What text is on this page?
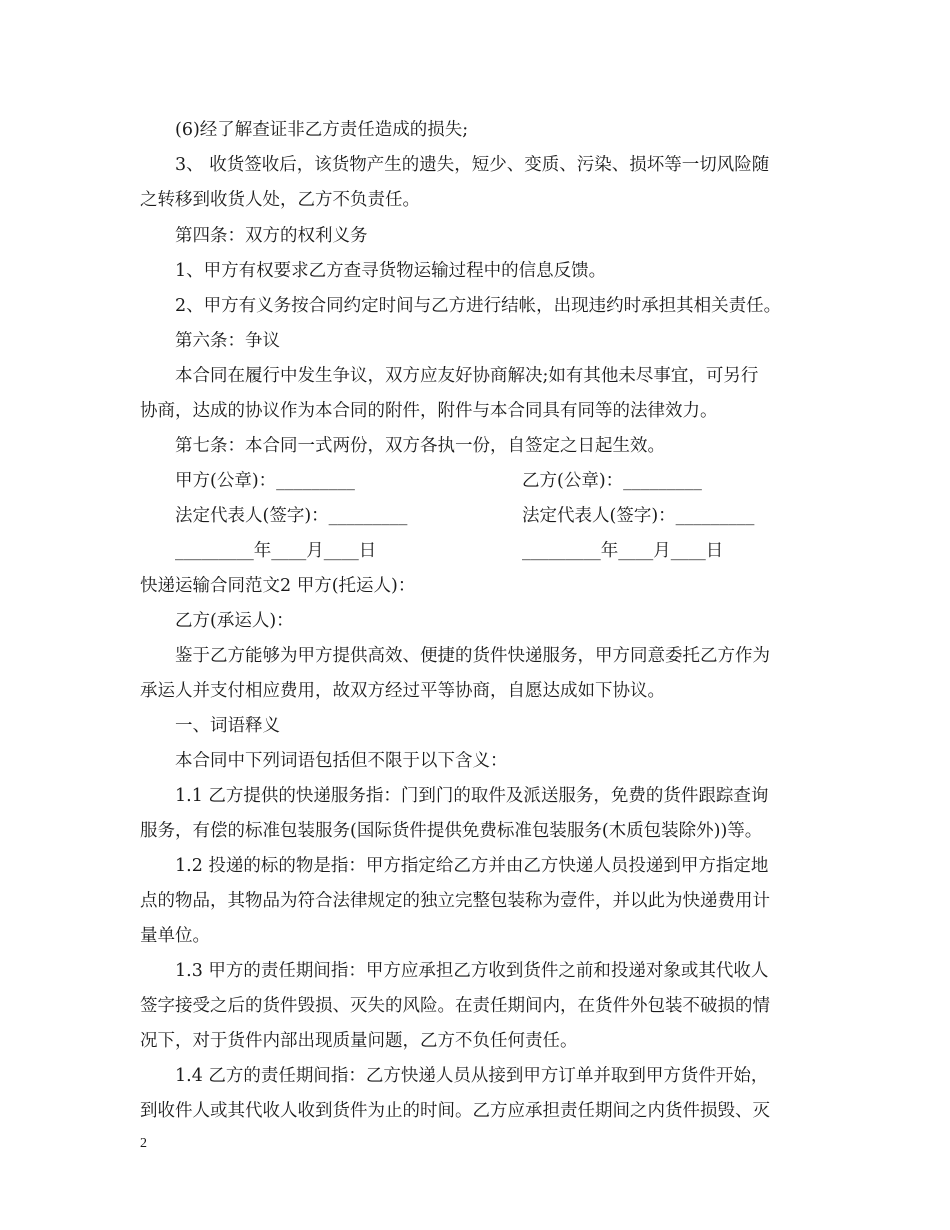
(6)经了解查证非乙方责任造成的损失;
3、 收货签收后，该货物产生的遗失，短少、变质、污染、损坏等一切风险随
之转移到收货人处，乙方不负责任。
第四条：双方的权利义务
1、甲方有权要求乙方查寻货物运输过程中的信息反馈。
2、甲方有义务按合同约定时间与乙方进行结帐，出现违约时承担其相关责任。
第六条：争议
本合同在履行中发生争议，双方应友好协商解决;如有其他未尽事宜，可另行
协商，达成的协议作为本合同的附件，附件与本合同具有同等的法律效力。
第七条：本合同一式两份，双方各执一份，自签定之日起生效。
甲方(公章)：_________	乙方(公章)：_________
法定代表人(签字)：_________	法定代表人(签字)：_________
_________年____月____日	_________年____月____日
快递运输合同范文2 甲方(托运人)：
乙方(承运人)：
鉴于乙方能够为甲方提供高效、便捷的货件快递服务，甲方同意委托乙方作为
承运人并支付相应费用，故双方经过平等协商，自愿达成如下协议。
一、词语释义
本合同中下列词语包括但不限于以下含义：
1.1 乙方提供的快递服务指：门到门的取件及派送服务，免费的货件跟踪查询
服务，有偿的标准包装服务(国际货件提供免费标准包装服务(木质包装除外))等。
1.2 投递的标的物是指：甲方指定给乙方并由乙方快递人员投递到甲方指定地
点的物品，其物品为符合法律规定的独立完整包装称为壹件，并以此为快递费用计
量单位。
1.3 甲方的责任期间指：甲方应承担乙方收到货件之前和投递对象或其代收人
签字接受之后的货件毁损、灭失的风险。在责任期间内，在货件外包装不破损的情
况下，对于货件内部出现质量问题，乙方不负任何责任。
1.4 乙方的责任期间指：乙方快递人员从接到甲方订单并取到甲方货件开始，
到收件人或其代收人收到货件为止的时间。乙方应承担责任期间之内货件损毁、灭
2
